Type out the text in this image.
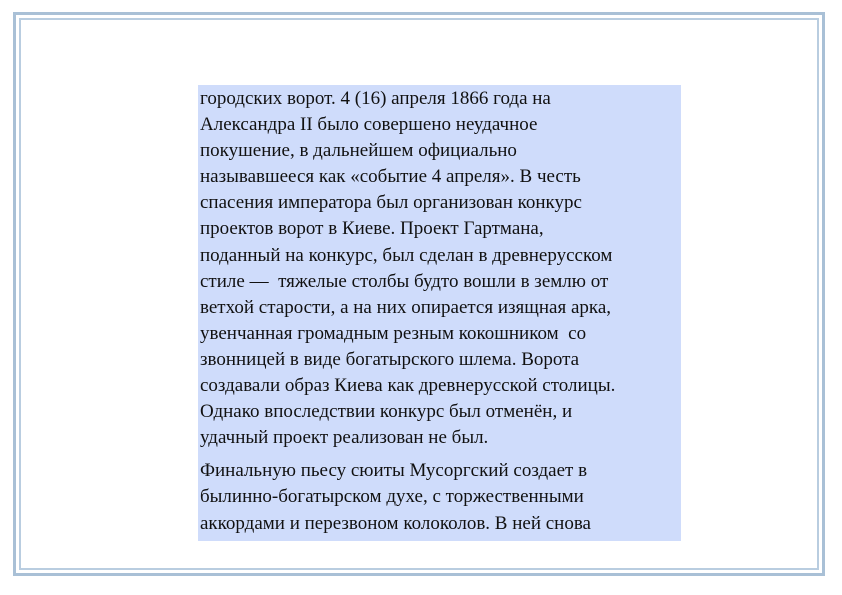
городских ворот. 4 (16) апреля 1866 года на
Александра II было совершено неудачное
покушение, в дальнейшем официально
называвшееся как «событие 4 апреля». В честь
спасения императора был организован конкурс
проектов ворот в Киеве. Проект Гартмана,
поданный на конкурс, был сделан в древнерусском
стиле —  тяжелые столбы будто вошли в землю от
ветхой старости, а на них опирается изящная арка,
увенчанная громадным резным кокошником  со
звонницей в виде богатырского шлема. Ворота
создавали образ Киева как древнерусской столицы.
Однако впоследствии конкурс был отменён, и
удачный проект реализован не был.

Финальную пьесу сюиты Мусоргский создает в
былинно-богатырском духе, с торжественными
аккордами и перезвоном колоколов. В ней снова
